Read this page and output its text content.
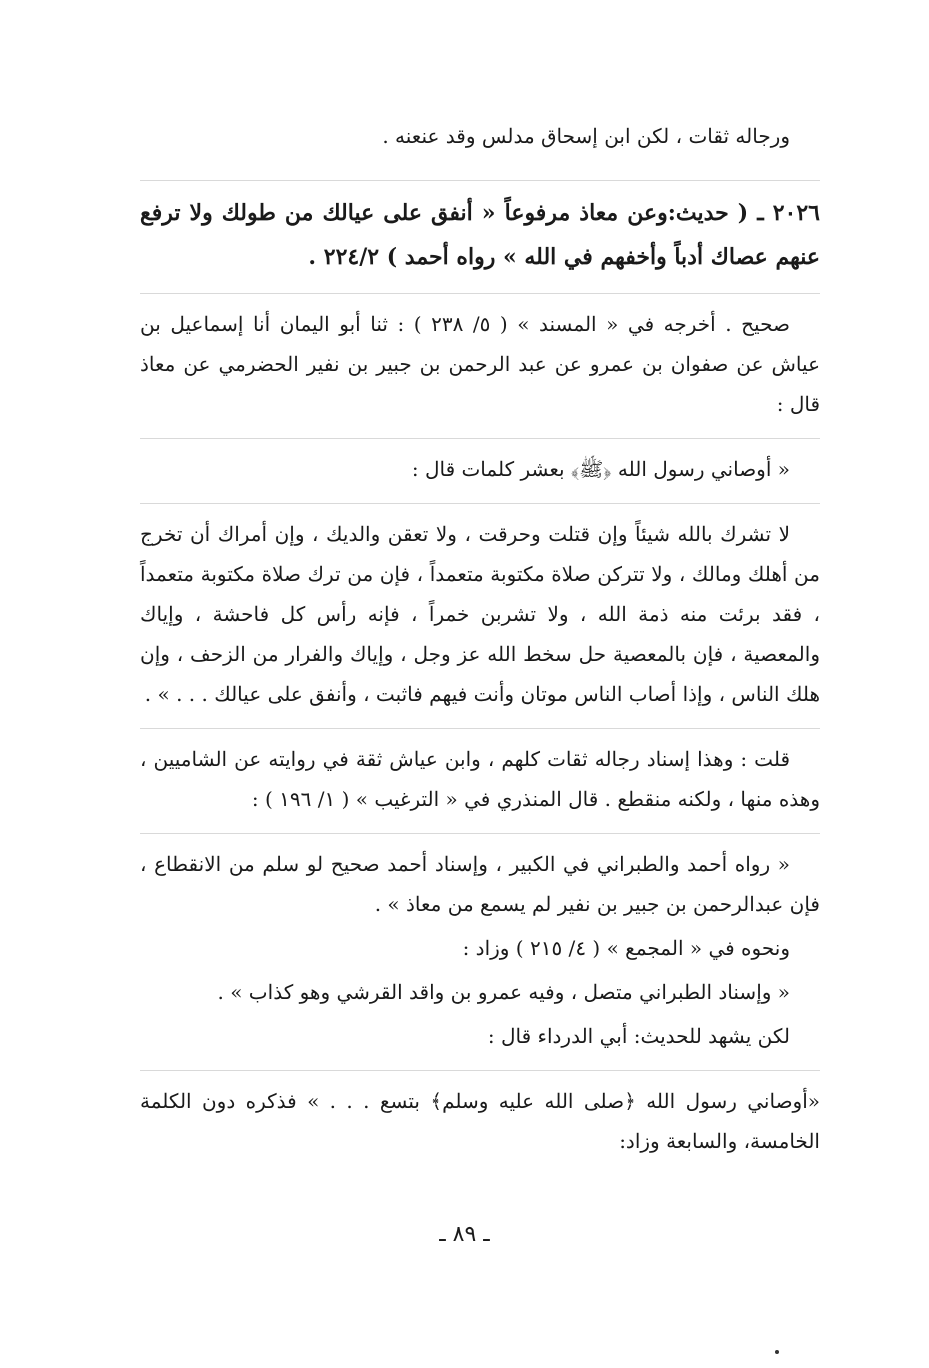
ورجاله ثقات ، لكن ابن إسحاق مدلس وقد عنعنه .

٢٠٢٦ ـ ( حديث:وعن معاذ مرفوعاً « أنفق على عيالك من طولك ولا ترفع عنهم عصاك أدباً وأخفهم في الله » رواه أحمد ) ٢٢٤/٢ .

صحيح . أخرجه في « المسند » ( ٥/ ٢٣٨ ) : ثنا أبو اليمان أنا إسماعيل بن عياش عن صفوان بن عمرو عن عبد الرحمن بن جبير بن نفير الحضرمي عن معاذ قال :

« أوصاني رسول الله ﴿ﷺ﴾ بعشر كلمات قال :

لا تشرك بالله شيئاً وإن قتلت وحرقت ، ولا تعقن والديك ، وإن أمراك أن تخرج من أهلك ومالك ، ولا تتركن صلاة مكتوبة متعمداً ، فإن من ترك صلاة مكتوبة متعمداً ، فقد برئت منه ذمة الله ، ولا تشربن خمراً ، فإنه رأس كل فاحشة ، وإياك والمعصية ، فإن بالمعصية حل سخط الله عز وجل ، وإياك والفرار من الزحف ، وإن هلك الناس ، وإذا أصاب الناس موتان وأنت فيهم فاثبت ، وأنفق على عيالك . . . » .

قلت : وهذا إسناد رجاله ثقات كلهم ، وابن عياش ثقة في روايته عن الشاميين ، وهذه منها ، ولكنه منقطع . قال المنذري في « الترغيب » ( ١/ ١٩٦ ) :

« رواه أحمد والطبراني في الكبير ، وإسناد أحمد صحيح لو سلم من الانقطاع ، فإن عبدالرحمن بن جبير بن نفير لم يسمع من معاذ » .

ونحوه في « المجمع » ( ٤/ ٢١٥ ) وزاد :

« وإسناد الطبراني متصل ، وفيه عمرو بن واقد القرشي وهو كذاب » .

لكن يشهد للحديث: أبي الدرداء قال :

«أوصاني رسول الله ﴿صلى الله عليه وسلم﴾ بتسع . . . » فذكره دون الكلمة الخامسة، والسابعة وزاد:

ـ ٨٩ ـ
